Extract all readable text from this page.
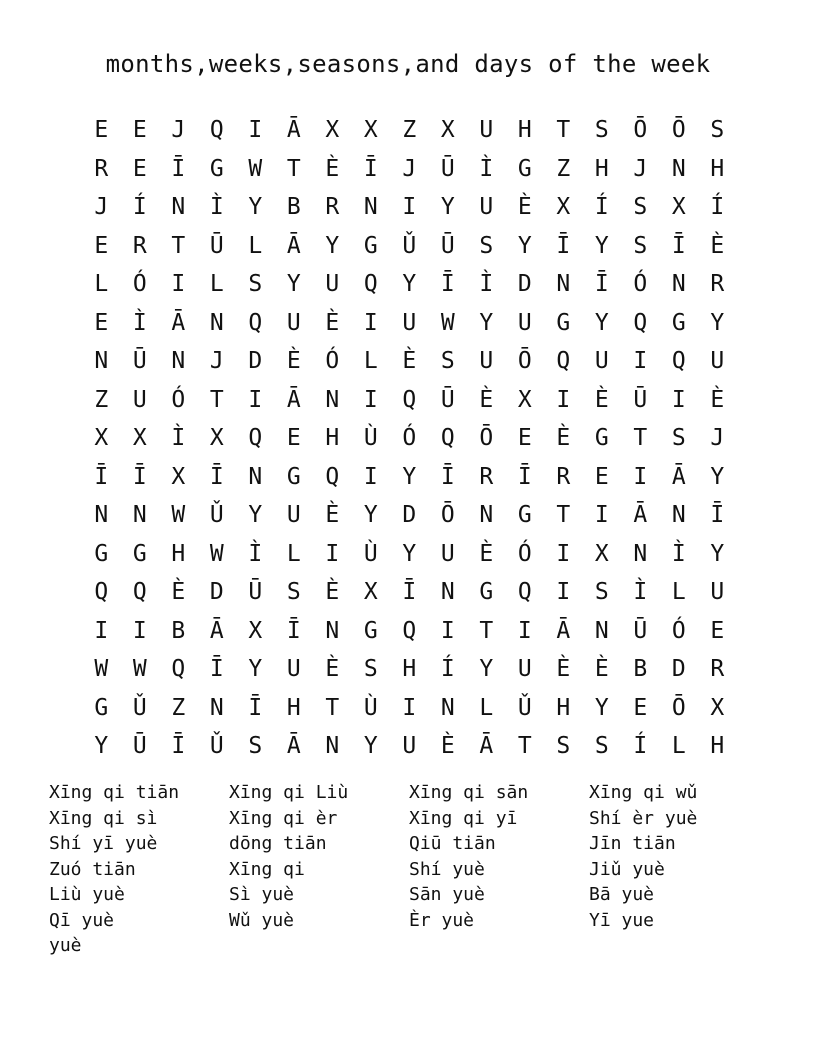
months,weeks,seasons,and days of the week
E	E	J	Q	I	Ā	X	X	Z	X	U	H	T	S	Ō	Ō	S
R	E	Ī	G	W	T	È	Ī	J	Ū	Ì	G	Z	H	J	N	H
J	Í	N	Ì	Y	B	R	N	I	Y	U	È	X	Í	S	X	Í
E	R	T	Ū	L	Ā	Y	G	Ǔ	Ū	S	Y	Ī	Y	S	Ī	È
L	Ó	I	L	S	Y	U	Q	Y	Ī	Ì	D	N	Ī	Ó	N	R
E	Ì	Ā	N	Q	U	È	I	U	W	Y	U	G	Y	Q	G	Y
N	Ū	N	J	D	È	Ó	L	È	S	U	Ō	Q	U	I	Q	U
Z	U	Ó	T	I	Ā	N	I	Q	Ū	È	X	I	È	Ū	I	È
X	X	Ì	X	Q	E	H	Ù	Ó	Q	Ō	E	È	G	T	S	J
Ī	Ī	X	Ī	N	G	Q	I	Y	Ī	R	Ī	R	E	I	Ā	Y
N	N	W	Ǔ	Y	U	È	Y	D	Ō	N	G	T	I	Ā	N	Ī
G	G	H	W	Ì	L	I	Ù	Y	U	È	Ó	I	X	N	Ì	Y
Q	Q	È	D	Ū	S	È	X	Ī	N	G	Q	I	S	Ì	L	U
I	I	B	Ā	X	Ī	N	G	Q	I	T	I	Ā	N	Ū	Ó	E
W	W	Q	Ī	Y	U	È	S	H	Í	Y	U	È	È	B	D	R
G	Ǔ	Z	N	Ī	H	T	Ù	I	N	L	Ǔ	H	Y	E	Ō	X
Y	Ū	Ī	Ǔ	S	Ā	N	Y	U	È	Ā	T	S	S	Í	L	H
Xīng qi tiān	Xīng qi Liù	Xīng qi sān	Xīng qi wǔ
Xīng qi sì	Xīng qi èr	Xīng qi yī	Shí èr yuè
Shí yī yuè	dōng tiān	Qiū tiān	Jīn tiān
Zuó tiān	Xīng qi	Shí yuè	Jiǔ yuè
Liù yuè	Sì yuè	Sān yuè	Bā yuè
Qī yuè	Wǔ yuè	Èr yuè	Yī yue
yuè
